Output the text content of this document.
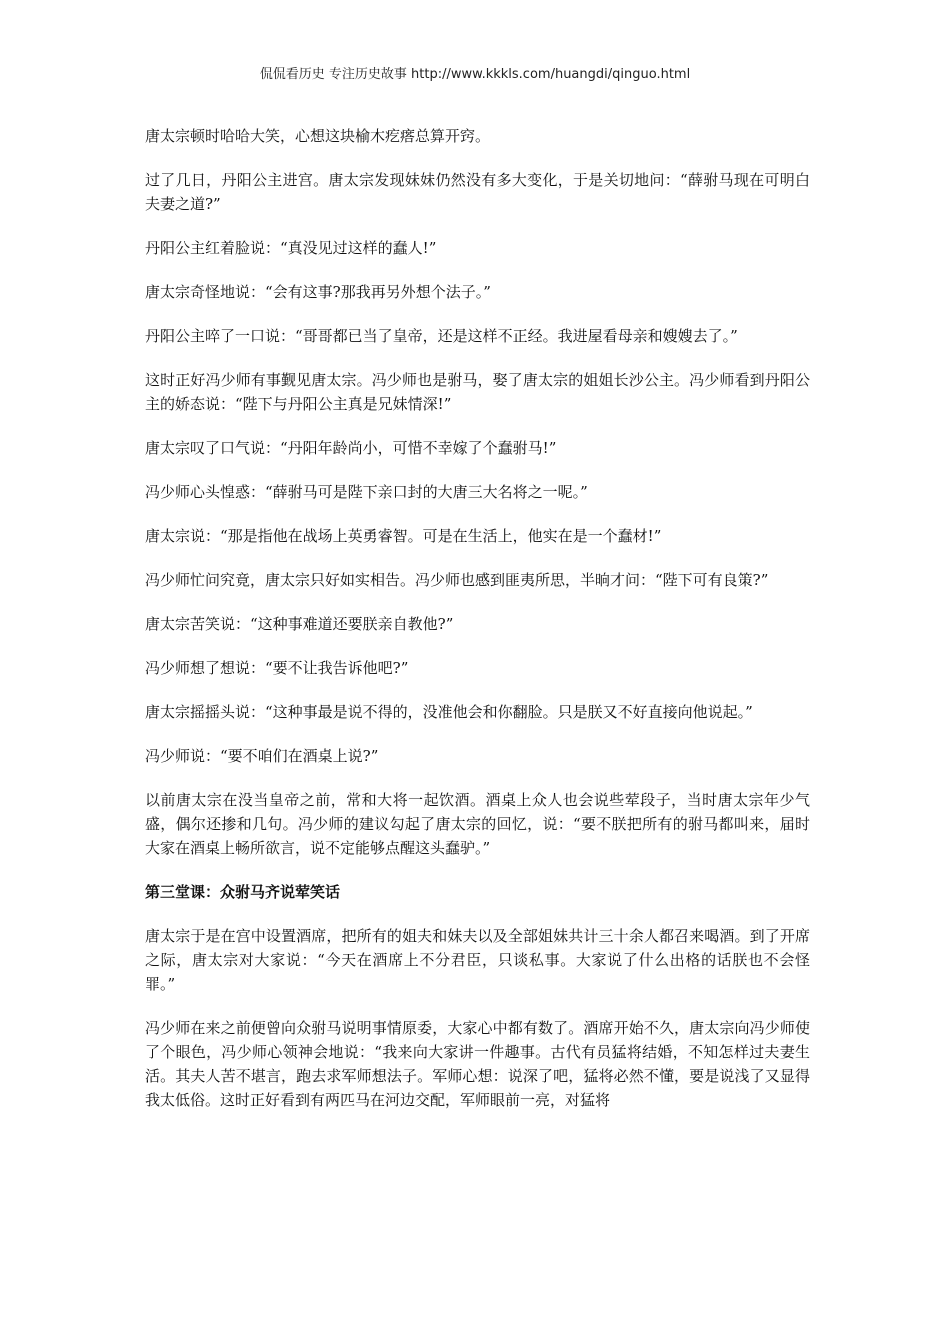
侃侃看历史 专注历史故事 http://www.kkkls.com/huangdi/qinguo.html

唐太宗顿时哈哈大笑，心想这块榆木疙瘩总算开窍。

过了几日，丹阳公主进宫。唐太宗发现妹妹仍然没有多大变化，于是关切地问：“薛驸马现在可明白夫妻之道?”

丹阳公主红着脸说：“真没见过这样的蠢人!”

唐太宗奇怪地说：“会有这事?那我再另外想个法子。”

丹阳公主啐了一口说：“哥哥都已当了皇帝，还是这样不正经。我进屋看母亲和嫂嫂去了。”

这时正好冯少师有事觐见唐太宗。冯少师也是驸马，娶了唐太宗的姐姐长沙公主。冯少师看到丹阳公主的娇态说：“陛下与丹阳公主真是兄妹情深!”

唐太宗叹了口气说：“丹阳年龄尚小，可惜不幸嫁了个蠢驸马!”

冯少师心头惶惑：“薛驸马可是陛下亲口封的大唐三大名将之一呢。”

唐太宗说：“那是指他在战场上英勇睿智。可是在生活上，他实在是一个蠢材!”

冯少师忙问究竟，唐太宗只好如实相告。冯少师也感到匪夷所思，半晌才问：“陛下可有良策?”

唐太宗苦笑说：“这种事难道还要朕亲自教他?”

冯少师想了想说：“要不让我告诉他吧?”

唐太宗摇摇头说：“这种事最是说不得的，没准他会和你翻脸。只是朕又不好直接向他说起。”

冯少师说：“要不咱们在酒桌上说?”

以前唐太宗在没当皇帝之前，常和大将一起饮酒。酒桌上众人也会说些荤段子，当时唐太宗年少气盛，偶尔还掺和几句。冯少师的建议勾起了唐太宗的回忆，说：“要不朕把所有的驸马都叫来，届时大家在酒桌上畅所欲言，说不定能够点醒这头蠢驴。”

第三堂课：众驸马齐说荤笑话

唐太宗于是在宫中设置酒席，把所有的姐夫和妹夫以及全部姐妹共计三十余人都召来喝酒。到了开席之际，唐太宗对大家说：“今天在酒席上不分君臣，只谈私事。大家说了什么出格的话朕也不会怪罪。”

冯少师在来之前便曾向众驸马说明事情原委，大家心中都有数了。酒席开始不久，唐太宗向冯少师使了个眼色，冯少师心领神会地说：“我来向大家讲一件趣事。古代有员猛将结婚，不知怎样过夫妻生活。其夫人苦不堪言，跑去求军师想法子。军师心想：说深了吧，猛将必然不懂，要是说浅了又显得我太低俗。这时正好看到有两匹马在河边交配，军师眼前一亮，对猛将
